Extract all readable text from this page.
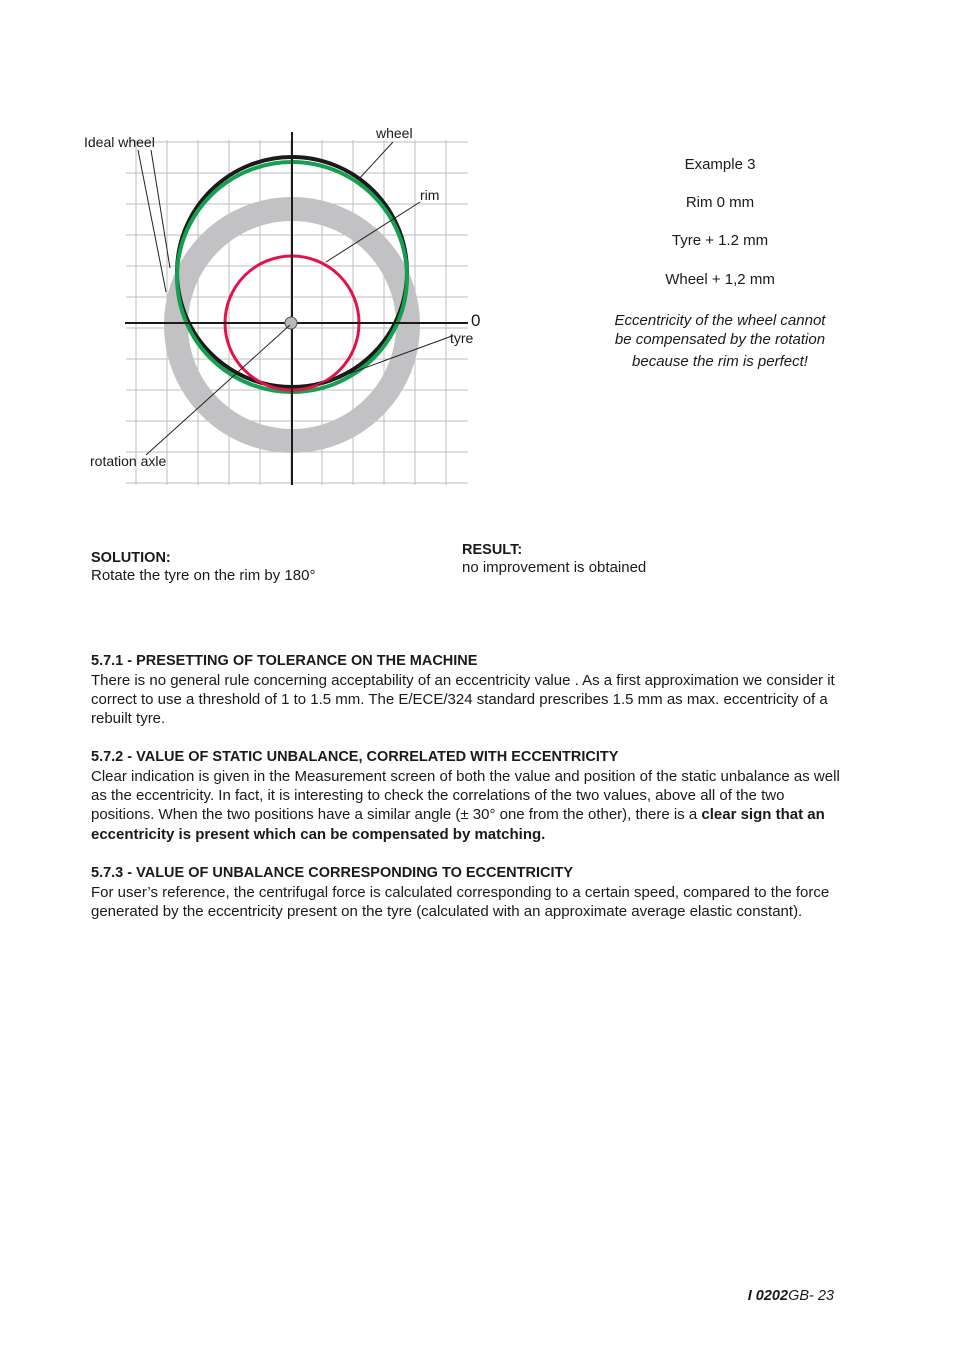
Ideal wheel
wheel
rim
0
tyre
rotation axle
Example 3
Rim 0 mm
Tyre + 1.2 mm
Wheel + 1,2 mm
Eccentricity of the wheel cannot
be compensated by the rotation
because the rim is perfect!
SOLUTION:
Rotate the tyre on the rim by 180°
RESULT:
no improvement is obtained
5.7.1 - PRESETTING OF TOLERANCE ON THE MACHINE

There is no general rule concerning acceptability of an eccentricity value . As a first approximation we consider it correct to use a threshold of 1 to 1.5 mm. The E/ECE/324 standard prescribes 1.5 mm as max. eccentricity of a rebuilt tyre.

5.7.2 - VALUE OF STATIC UNBALANCE, CORRELATED WITH ECCENTRICITY

Clear indication is given in the Measurement screen of both the value and position of the static unbalance as well as the eccentricity. In fact, it is interesting to check the correlations of the two values, above all of the two positions. When the two positions have a similar angle (± 30° one from the other), there is a clear sign that an eccentricity is present which can be compensated by matching.

5.7.3 - VALUE OF UNBALANCE CORRESPONDING TO ECCENTRICITY

For user’s reference, the centrifugal force is calculated corresponding to a certain speed, compared to the force generated by the eccentricity present on the tyre (calculated with an approximate average elastic constant).

I 0202GB- 23
